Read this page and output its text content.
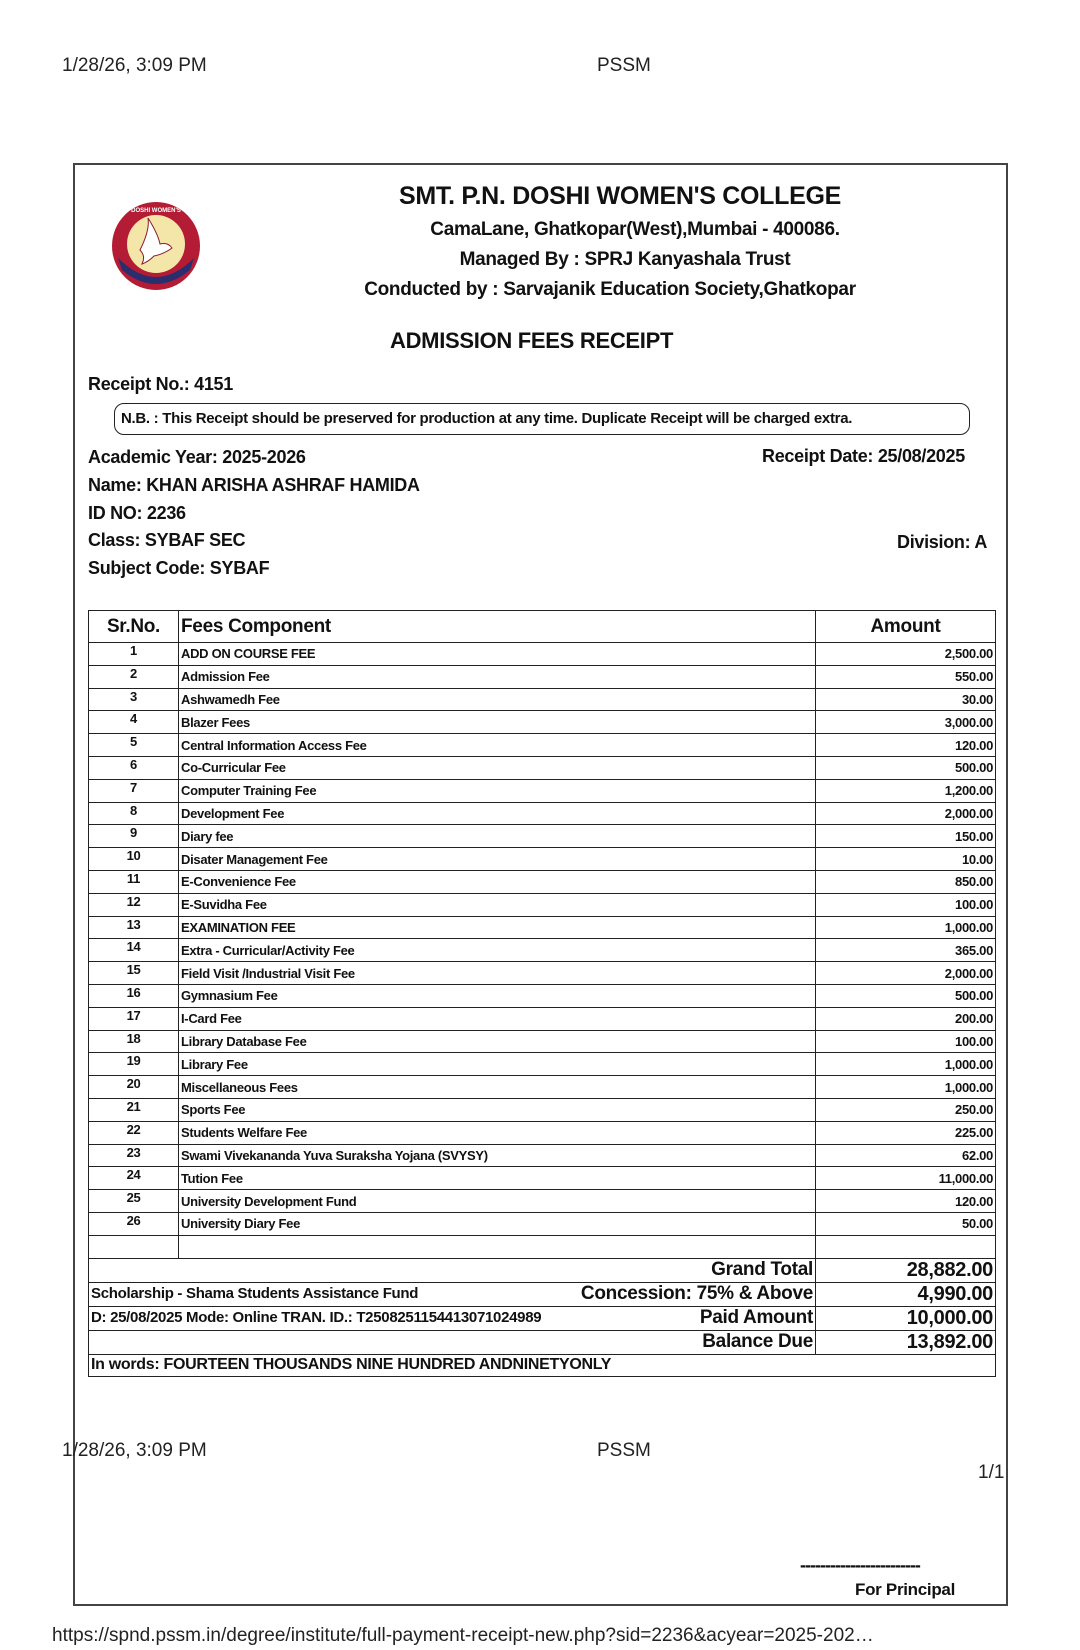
1/28/26, 3:09 PM	PSSM
DOSHI WOMEN'S
SMT. P.N. DOSHI WOMEN'S COLLEGE
CamaLane, Ghatkopar(West),Mumbai - 400086.
Managed By : SPRJ Kanyashala Trust
Conducted by : Sarvajanik Education Society,Ghatkopar
ADMISSION FEES RECEIPT
Receipt No.: 4151
N.B. : This Receipt should be preserved for production at any time. Duplicate Receipt will be charged extra.
Academic Year: 2025-2026	Receipt Date: 25/08/2025
Name: KHAN ARISHA ASHRAF HAMIDA
ID NO: 2236
Class: SYBAF SEC	Division: A
Subject Code: SYBAF
Sr.No.	Fees Component	Amount
1	ADD ON COURSE FEE	2,500.00
2	Admission Fee	550.00
3	Ashwamedh Fee	30.00
4	Blazer Fees	3,000.00
5	Central Information Access Fee	120.00
6	Co-Curricular Fee	500.00
7	Computer Training Fee	1,200.00
8	Development Fee	2,000.00
9	Diary fee	150.00
10	Disater Management Fee	10.00
11	E-Convenience Fee	850.00
12	E-Suvidha Fee	100.00
13	EXAMINATION FEE	1,000.00
14	Extra - Curricular/Activity Fee	365.00
15	Field Visit /Industrial Visit Fee	2,000.00
16	Gymnasium Fee	500.00
17	I-Card Fee	200.00
18	Library Database Fee	100.00
19	Library Fee	1,000.00
20	Miscellaneous Fees	1,000.00
21	Sports Fee	250.00
22	Students Welfare Fee	225.00
23	Swami Vivekananda Yuva Suraksha Yojana (SVYSY)	62.00
24	Tution Fee	11,000.00
25	University Development Fund	120.00
26	University Diary Fee	50.00

Grand Total		28,882.00

Scholarship - Shama Students Assistance Fund Concession: 75% & Above		4,990.00

D: 25/08/2025 Mode: Online TRAN. ID.: T2508251154413071024989 Paid Amount		10,000.00
Balance Due		13,892.00
In words: FOURTEEN THOUSANDS NINE HUNDRED ANDNINETYONLY		
1/28/26, 3:09 PM	PSSM
1/1
------------------------
For Principal
https://spnd.pssm.in/degree/institute/full-payment-receipt-new.php?sid=2236&acyear=2025-202…
